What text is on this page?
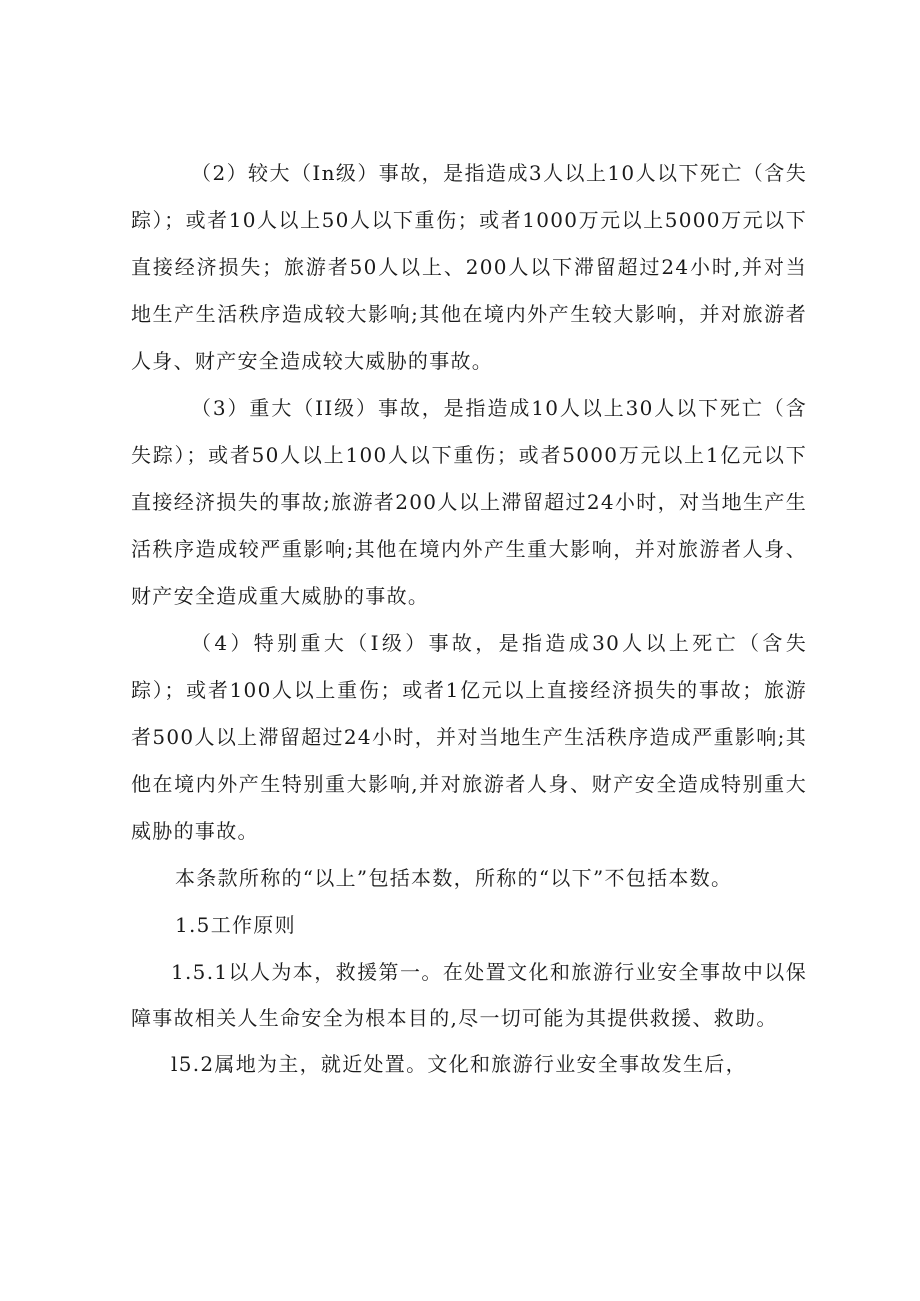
（2）较大（In级）事故，是指造成3人以上10人以下死亡（含失踪）；或者10人以上50人以下重伤；或者1000万元以上5000万元以下直接经济损失；旅游者50人以上、200人以下滞留超过24小时,并对当地生产生活秩序造成较大影响;其他在境内外产生较大影响，并对旅游者人身、财产安全造成较大威胁的事故。

（3）重大（II级）事故，是指造成10人以上30人以下死亡（含失踪）；或者50人以上100人以下重伤；或者5000万元以上1亿元以下直接经济损失的事故;旅游者200人以上滞留超过24小时，对当地生产生活秩序造成较严重影响;其他在境内外产生重大影响，并对旅游者人身、财产安全造成重大威胁的事故。

（4）特别重大（I级）事故，是指造成30人以上死亡（含失踪）；或者100人以上重伤；或者1亿元以上直接经济损失的事故；旅游者500人以上滞留超过24小时，并对当地生产生活秩序造成严重影响;其他在境内外产生特别重大影响,并对旅游者人身、财产安全造成特别重大威胁的事故。

本条款所称的“以上”包括本数，所称的“以下”不包括本数。

1.5工作原则

1.5.1以人为本，救援第一。在处置文化和旅游行业安全事故中以保障事故相关人生命安全为根本目的,尽一切可能为其提供救援、救助。

l5.2属地为主，就近处置。文化和旅游行业安全事故发生后，
